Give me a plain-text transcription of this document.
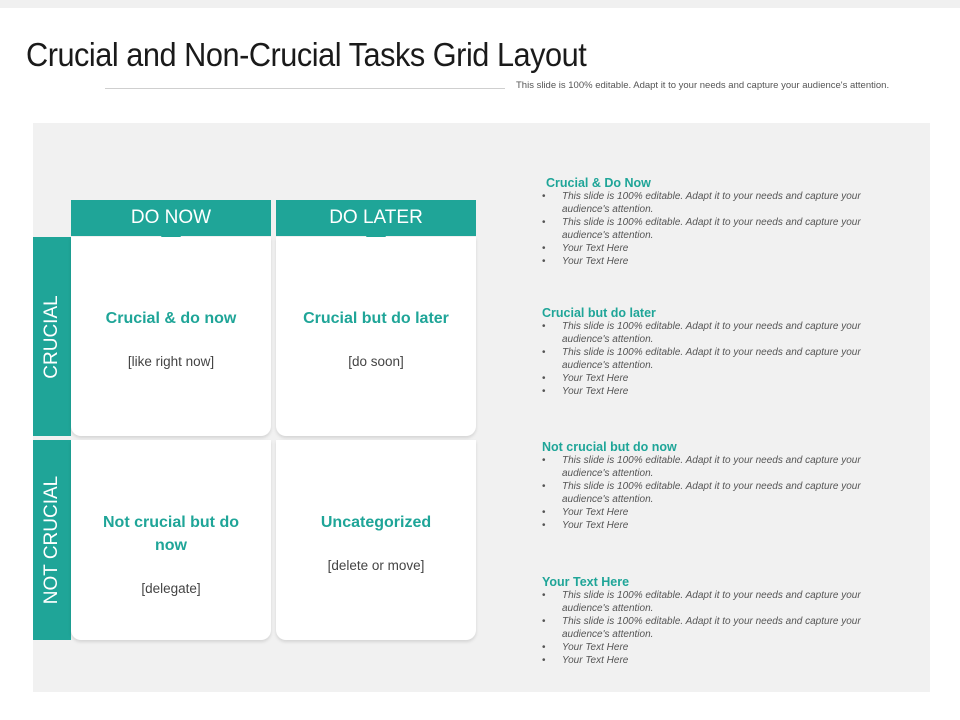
Crucial and Non-Crucial Tasks Grid Layout
This slide is 100% editable. Adapt it to your needs and capture your audience's attention.
DO NOW	DO LATER
CRUCIAL
NOT CRUCIAL
Crucial & do now
[like right now]
Crucial but do later
[do soon]
Not crucial but do now
[delegate]
Uncategorized
[delete or move]
Crucial & Do Now
• This slide is 100% editable. Adapt it to your needs and capture your audience's attention.
• This slide is 100% editable. Adapt it to your needs and capture your audience's attention.
• Your Text Here
• Your Text Here
Crucial but do later
• This slide is 100% editable. Adapt it to your needs and capture your audience's attention.
• This slide is 100% editable. Adapt it to your needs and capture your audience's attention.
• Your Text Here
• Your Text Here
Not crucial but do now
• This slide is 100% editable. Adapt it to your needs and capture your audience's attention.
• This slide is 100% editable. Adapt it to your needs and capture your audience's attention.
• Your Text Here
• Your Text Here
Your Text Here
• This slide is 100% editable. Adapt it to your needs and capture your audience's attention.
• This slide is 100% editable. Adapt it to your needs and capture your audience's attention.
• Your Text Here
• Your Text Here
